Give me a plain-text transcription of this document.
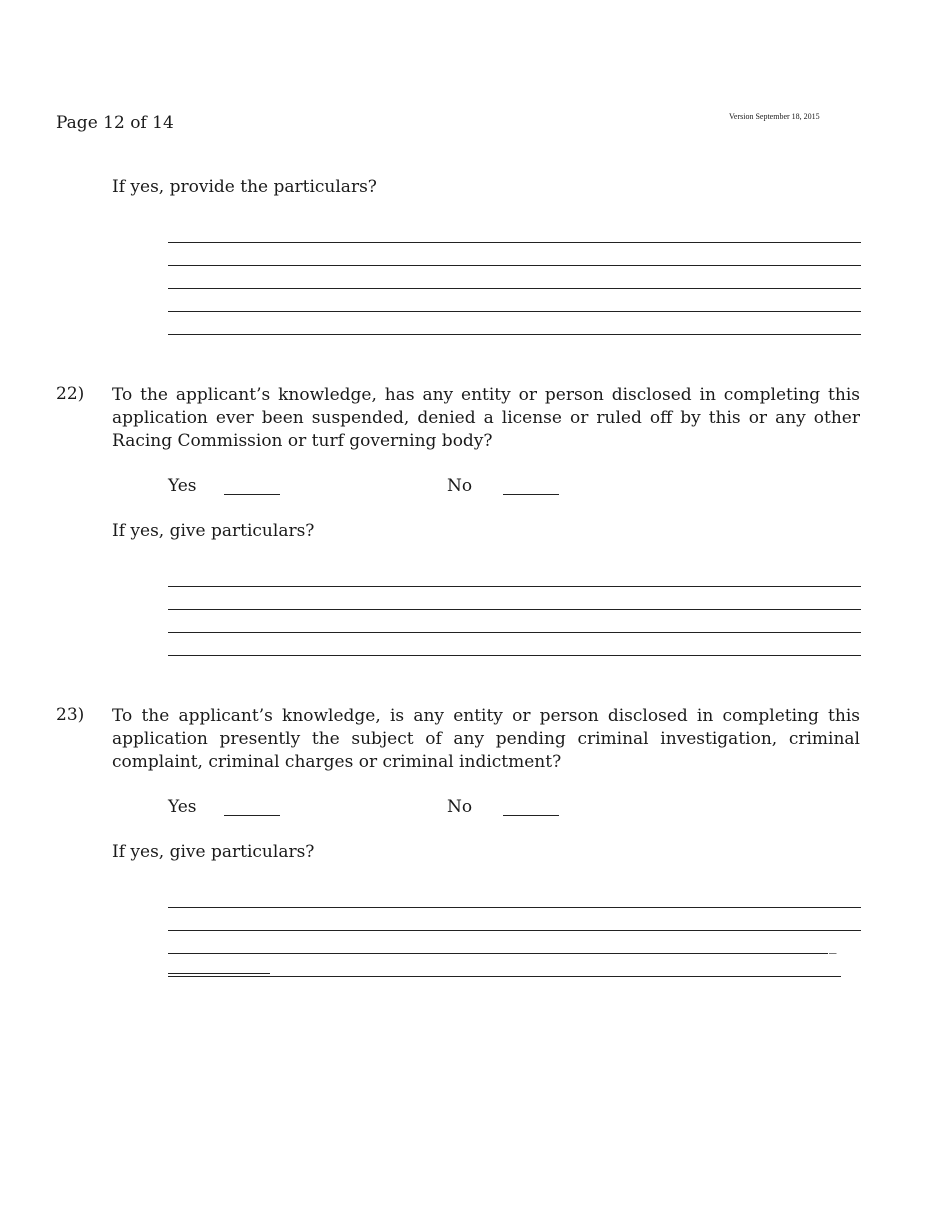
Page 12 of 14	Version September 18, 2015
If yes, provide the particulars?
22) To the applicant’s knowledge, has any entity or person disclosed in completing this application ever been suspended, denied a license or ruled off by this or any other Racing Commission or turf governing body?
Yes	No
If yes, give particulars?
23) To the applicant’s knowledge, is any entity or person disclosed in completing this application presently the subject of any pending criminal investigation, criminal complaint, criminal charges or criminal indictment?
Yes	No
If yes, give particulars?
_
